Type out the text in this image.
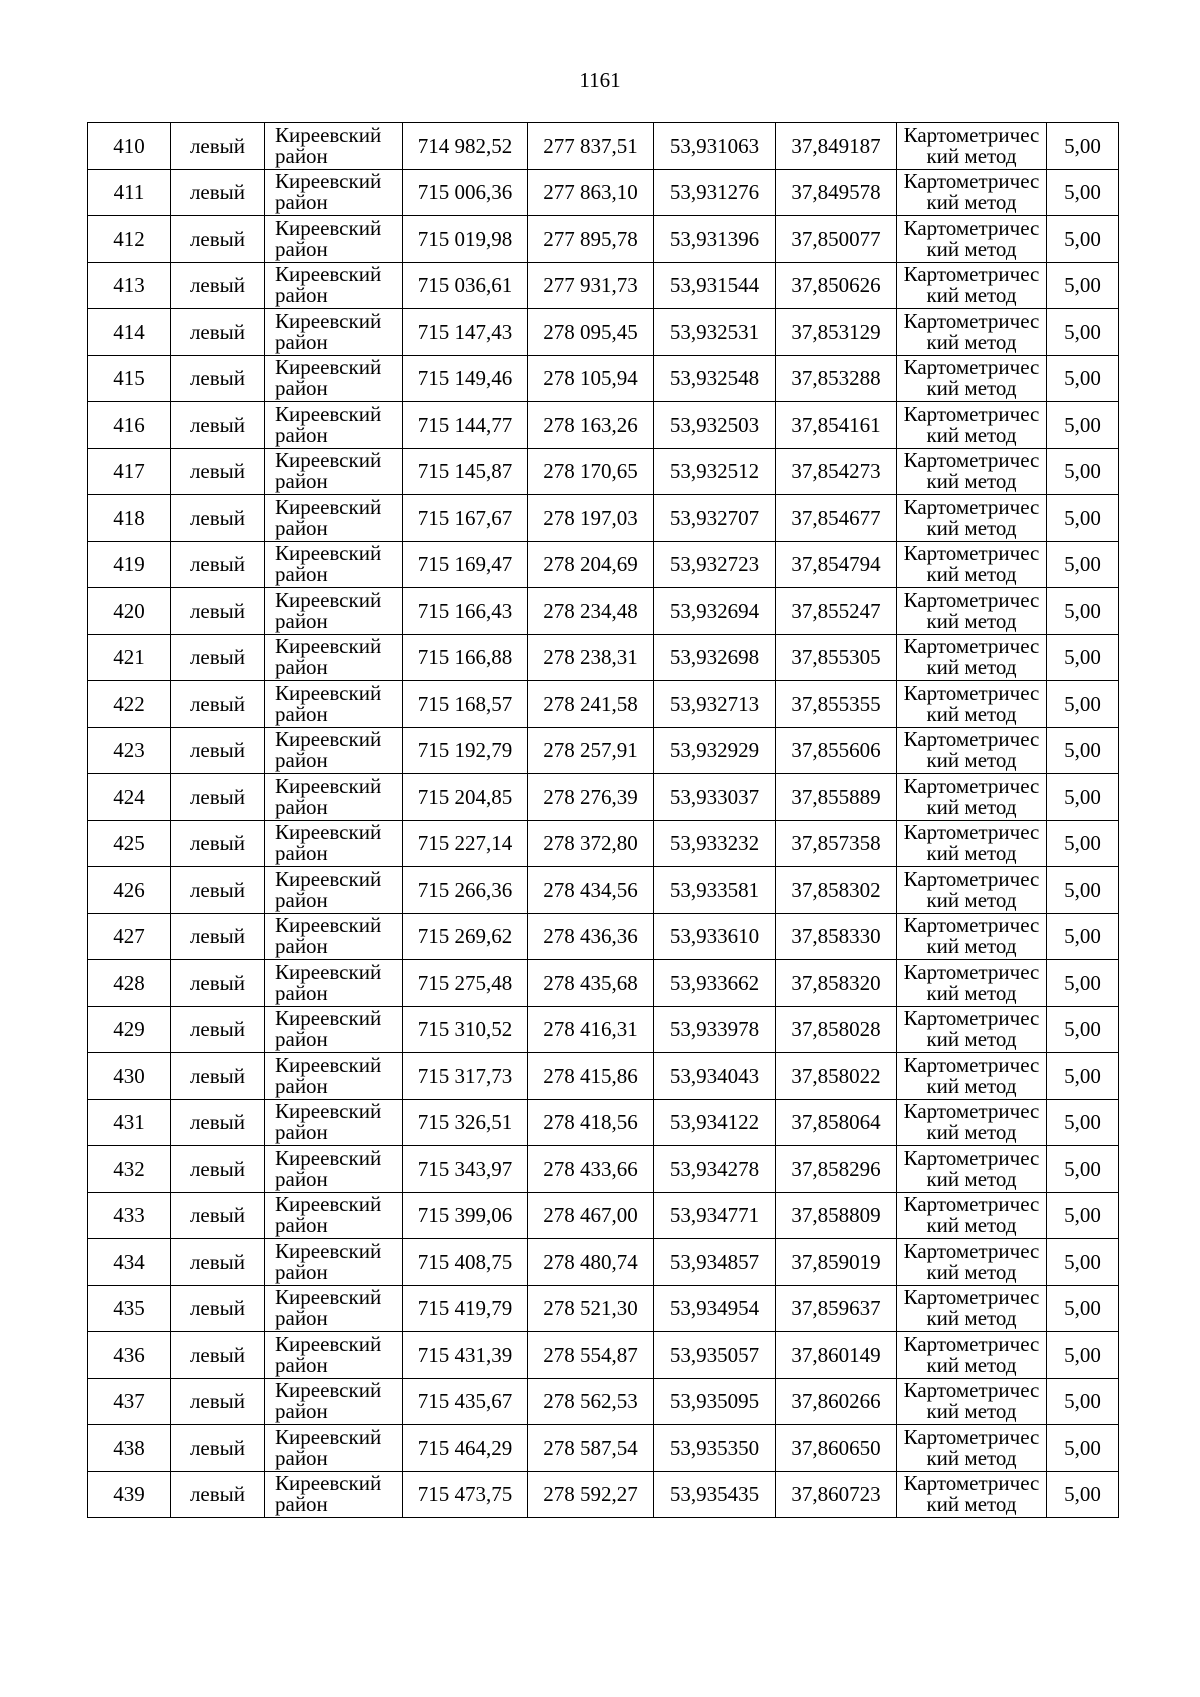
1161
410	левый	Киреевский район	714 982,52	277 837,51	53,931063	37,849187	Картометрический метод	5,00
411	левый	Киреевский район	715 006,36	277 863,10	53,931276	37,849578	Картометрический метод	5,00
412	левый	Киреевский район	715 019,98	277 895,78	53,931396	37,850077	Картометрический метод	5,00
413	левый	Киреевский район	715 036,61	277 931,73	53,931544	37,850626	Картометрический метод	5,00
414	левый	Киреевский район	715 147,43	278 095,45	53,932531	37,853129	Картометрический метод	5,00
415	левый	Киреевский район	715 149,46	278 105,94	53,932548	37,853288	Картометрический метод	5,00
416	левый	Киреевский район	715 144,77	278 163,26	53,932503	37,854161	Картометрический метод	5,00
417	левый	Киреевский район	715 145,87	278 170,65	53,932512	37,854273	Картометрический метод	5,00
418	левый	Киреевский район	715 167,67	278 197,03	53,932707	37,854677	Картометрический метод	5,00
419	левый	Киреевский район	715 169,47	278 204,69	53,932723	37,854794	Картометрический метод	5,00
420	левый	Киреевский район	715 166,43	278 234,48	53,932694	37,855247	Картометрический метод	5,00
421	левый	Киреевский район	715 166,88	278 238,31	53,932698	37,855305	Картометрический метод	5,00
422	левый	Киреевский район	715 168,57	278 241,58	53,932713	37,855355	Картометрический метод	5,00
423	левый	Киреевский район	715 192,79	278 257,91	53,932929	37,855606	Картометрический метод	5,00
424	левый	Киреевский район	715 204,85	278 276,39	53,933037	37,855889	Картометрический метод	5,00
425	левый	Киреевский район	715 227,14	278 372,80	53,933232	37,857358	Картометрический метод	5,00
426	левый	Киреевский район	715 266,36	278 434,56	53,933581	37,858302	Картометрический метод	5,00
427	левый	Киреевский район	715 269,62	278 436,36	53,933610	37,858330	Картометрический метод	5,00
428	левый	Киреевский район	715 275,48	278 435,68	53,933662	37,858320	Картометрический метод	5,00
429	левый	Киреевский район	715 310,52	278 416,31	53,933978	37,858028	Картометрический метод	5,00
430	левый	Киреевский район	715 317,73	278 415,86	53,934043	37,858022	Картометрический метод	5,00
431	левый	Киреевский район	715 326,51	278 418,56	53,934122	37,858064	Картометрический метод	5,00
432	левый	Киреевский район	715 343,97	278 433,66	53,934278	37,858296	Картометрический метод	5,00
433	левый	Киреевский район	715 399,06	278 467,00	53,934771	37,858809	Картометрический метод	5,00
434	левый	Киреевский район	715 408,75	278 480,74	53,934857	37,859019	Картометрический метод	5,00
435	левый	Киреевский район	715 419,79	278 521,30	53,934954	37,859637	Картометрический метод	5,00
436	левый	Киреевский район	715 431,39	278 554,87	53,935057	37,860149	Картометрический метод	5,00
437	левый	Киреевский район	715 435,67	278 562,53	53,935095	37,860266	Картометрический метод	5,00
438	левый	Киреевский район	715 464,29	278 587,54	53,935350	37,860650	Картометрический метод	5,00
439	левый	Киреевский район	715 473,75	278 592,27	53,935435	37,860723	Картометрический метод	5,00
